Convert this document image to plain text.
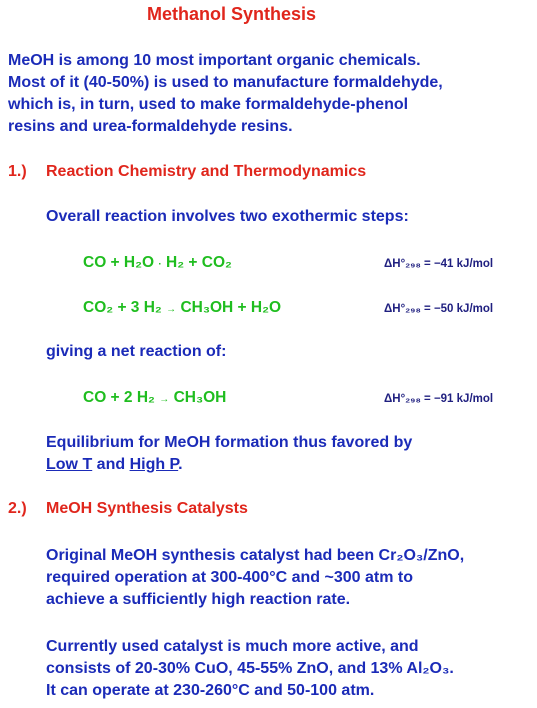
Methanol Synthesis
MeOH is among 10 most important organic chemicals.
Most of it (40-50%) is used to manufacture formaldehyde,
which is, in turn, used to make formaldehyde-phenol
resins and urea-formaldehyde resins.
1.) Reaction Chemistry and Thermodynamics
Overall reaction involves two exothermic steps:
CO + H₂O · H₂ + CO₂	ΔH°₂₉₈ = −41 kJ/mol
CO₂ + 3 H₂ → CH₃OH + H₂O	ΔH°₂₉₈ = −50 kJ/mol
giving a net reaction of:
CO + 2 H₂ → CH₃OH	ΔH°₂₉₈ = −91 kJ/mol
Equilibrium for MeOH formation thus favored by
Low T and High P.
2.) MeOH Synthesis Catalysts
Original MeOH synthesis catalyst had been Cr₂O₃/ZnO,
required operation at 300-400°C and ~300 atm to
achieve a sufficiently high reaction rate.
Currently used catalyst is much more active, and
consists of 20-30% CuO, 45-55% ZnO, and 13% Al₂O₃.
It can operate at 230-260°C and 50-100 atm.
